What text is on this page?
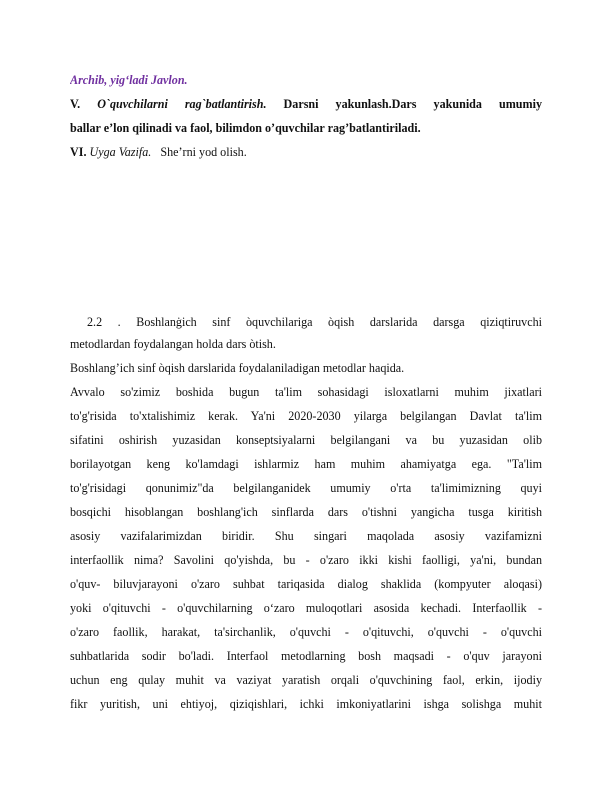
Archib, yig‘ladi Javlon.
V. O`quvchilarni rag`batlantirish. Darsni yakunlash.Dars yakunida umumiy
ballar e’lon qilinadi va faol, bilimdon o’quvchilar rag’batlantiriladi.
VI. Uyga Vazifa. She’rni yod olish.
2.2 . Boshlanġich sinf òquvchilariga òqish darslarida darsga qiziqtiruvchi
metodlardan foydalangan holda dars òtish.
Boshlang’ich sinf òqish darslarida foydalaniladigan metodlar haqida.
Avvalo so'zimiz boshida bugun ta'lim sohasidagi isloxatlarni muhim jixatlari
to'g'risida to'xtalishimiz kerak. Ya'ni 2020-2030 yilarga belgilangan Davlat ta'lim
sifatini oshirish yuzasidan konseptsiyalarni belgilangani va bu yuzasidan olib
borilayotgan keng ko'lamdagi ishlarmiz ham muhim ahamiyatga ega. "Ta'lim
to'g'risidagi qonunimiz"da belgilanganidek umumiy o'rta ta'limimizning quyi
bosqichi hisoblangan boshlang'ich sinflarda dars o'tishni yangicha tusga kiritish
asosiy vazifalarimizdan biridir. Shu singari maqolada asosiy vazifamizni
interfaollik nima? Savolini qo'yishda, bu - o'zaro ikki kishi faolligi, ya'ni, bundan
o'quv- biluvjarayoni o'zaro suhbat tariqasida dialog shaklida (kompyuter aloqasi)
yoki o'qituvchi - o'quvchilarning o‘zaro muloqotlari asosida kechadi. Interfaollik -
o'zaro faollik, harakat, ta'sirchanlik, o'quvchi - o'qituvchi, o'quvchi - o'quvchi
suhbatlarida sodir bo'ladi. Interfaol metodlarning bosh maqsadi - o'quv jarayoni
uchun eng qulay muhit va vaziyat yaratish orqali o'quvchining faol, erkin, ijodiy
fikr yuritish, uni ehtiyoj, qiziqishlari, ichki imkoniyatlarini ishga solishga muhit
